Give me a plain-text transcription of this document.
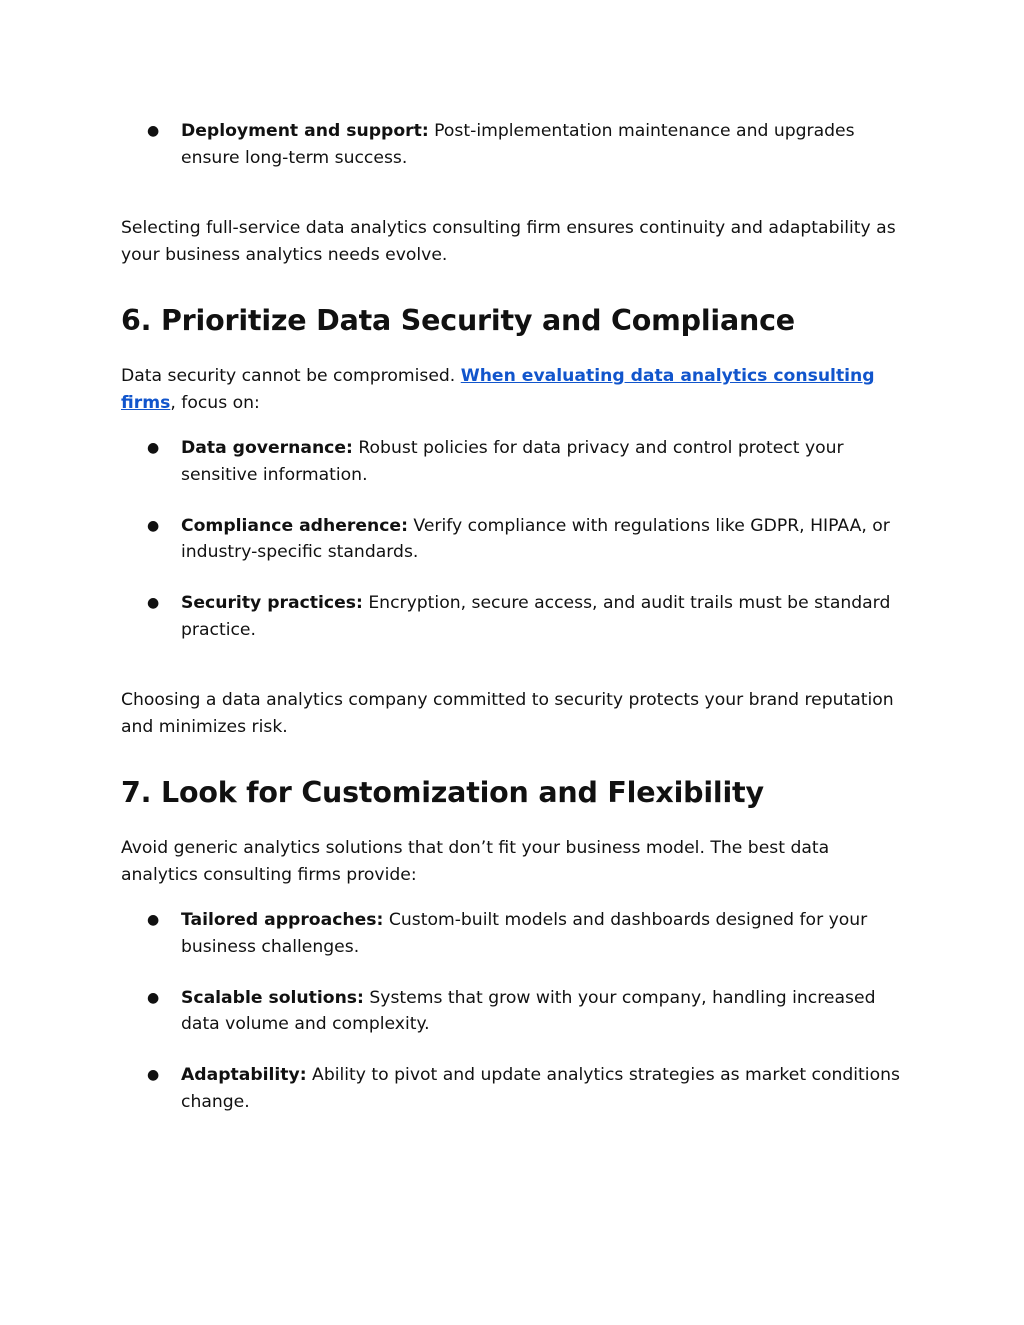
● Deployment and support: Post-implementation maintenance and upgrades ensure long-term success.

Selecting full-service data analytics consulting firm ensures continuity and adaptability as your business analytics needs evolve.

6. Prioritize Data Security and Compliance

Data security cannot be compromised. When evaluating data analytics consulting firms, focus on:

● Data governance: Robust policies for data privacy and control protect your sensitive information.
● Compliance adherence: Verify compliance with regulations like GDPR, HIPAA, or industry-specific standards.
● Security practices: Encryption, secure access, and audit trails must be standard practice.

Choosing a data analytics company committed to security protects your brand reputation and minimizes risk.

7. Look for Customization and Flexibility

Avoid generic analytics solutions that don’t fit your business model. The best data analytics consulting firms provide:

● Tailored approaches: Custom-built models and dashboards designed for your business challenges.
● Scalable solutions: Systems that grow with your company, handling increased data volume and complexity.
● Adaptability: Ability to pivot and update analytics strategies as market conditions change.
